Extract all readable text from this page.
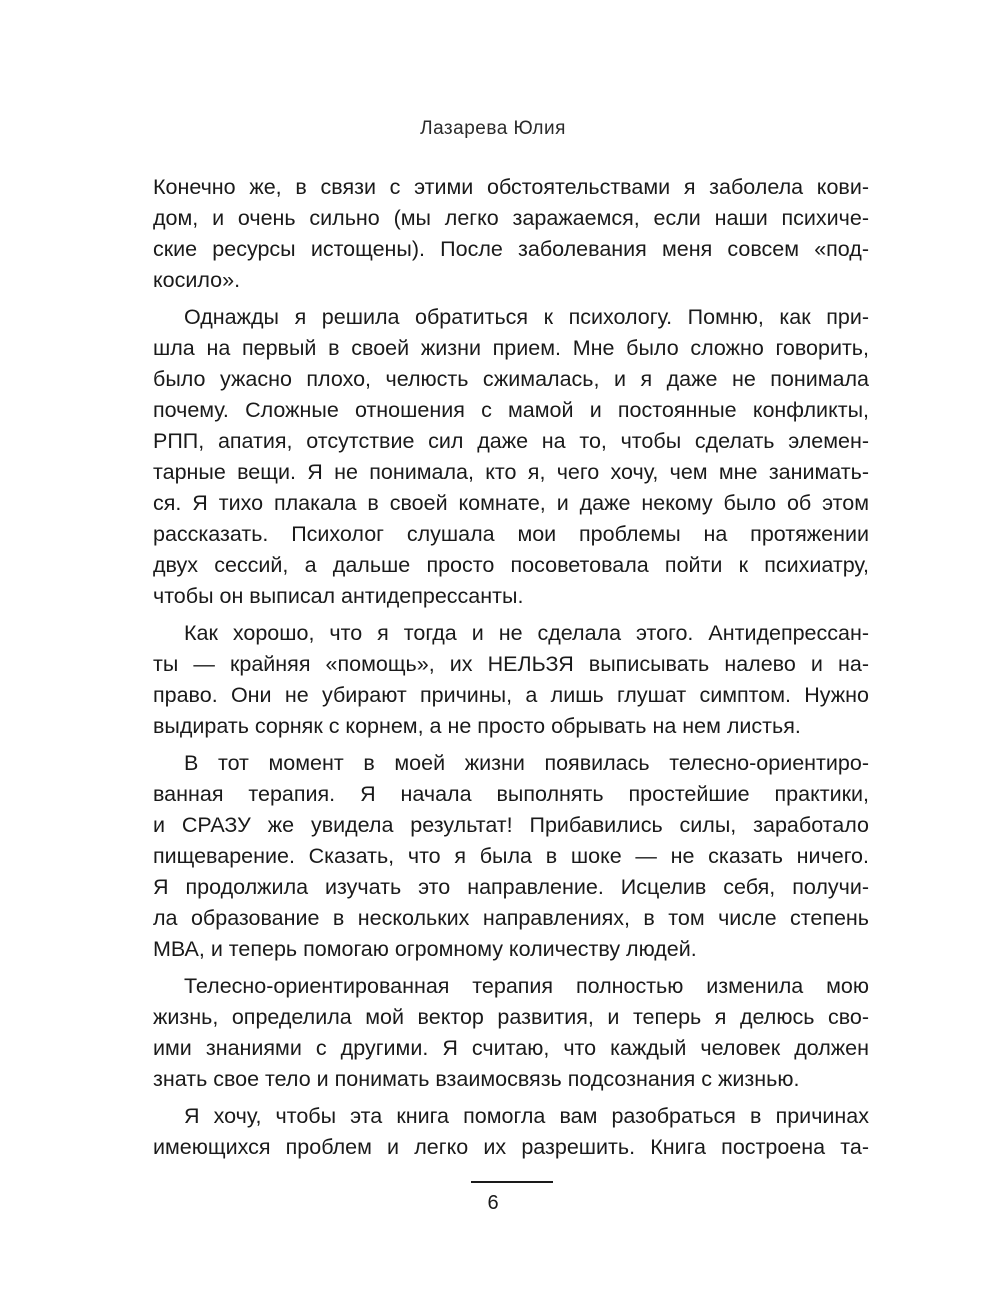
Лазарева Юлия
Конечно же, в связи с этими обстоятельствами я заболела кови-
дом, и очень сильно (мы легко заражаемся, если наши психиче-
ские ресурсы истощены). После заболевания меня совсем «под-
косило».
Однажды я решила обратиться к психологу. Помню, как при-
шла на первый в своей жизни прием. Мне было сложно говорить,
было ужасно плохо, челюсть сжималась, и я даже не понимала
почему. Сложные отношения с мамой и постоянные конфликты,
РПП, апатия, отсутствие сил даже на то, чтобы сделать элемен-
тарные вещи. Я не понимала, кто я, чего хочу, чем мне занимать-
ся. Я тихо плакала в своей комнате, и даже некому было об этом
рассказать. Психолог слушала мои проблемы на протяжении
двух сессий, а дальше просто посоветовала пойти к психиатру,
чтобы он выписал антидепрессанты.
Как хорошо, что я тогда и не сделала этого. Антидепрессан-
ты — крайняя «помощь», их НЕЛЬЗЯ выписывать налево и на-
право. Они не убирают причины, а лишь глушат симптом. Нужно
выдирать сорняк с корнем, а не просто обрывать на нем листья.
В тот момент в моей жизни появилась телесно-ориентиро-
ванная терапия. Я начала выполнять простейшие практики,
и СРАЗУ же увидела результат! Прибавились силы, заработало
пищеварение. Сказать, что я была в шоке — не сказать ничего.
Я продолжила изучать это направление. Исцелив себя, получи-
ла образование в нескольких направлениях, в том числе степень
МВА, и теперь помогаю огромному количеству людей.
Телесно-ориентированная терапия полностью изменила мою
жизнь, определила мой вектор развития, и теперь я делюсь сво-
ими знаниями с другими. Я считаю, что каждый человек должен
знать свое тело и понимать взаимосвязь подсознания с жизнью.
Я хочу, чтобы эта книга помогла вам разобраться в причинах
имеющихся проблем и легко их разрешить. Книга построена та-
6
